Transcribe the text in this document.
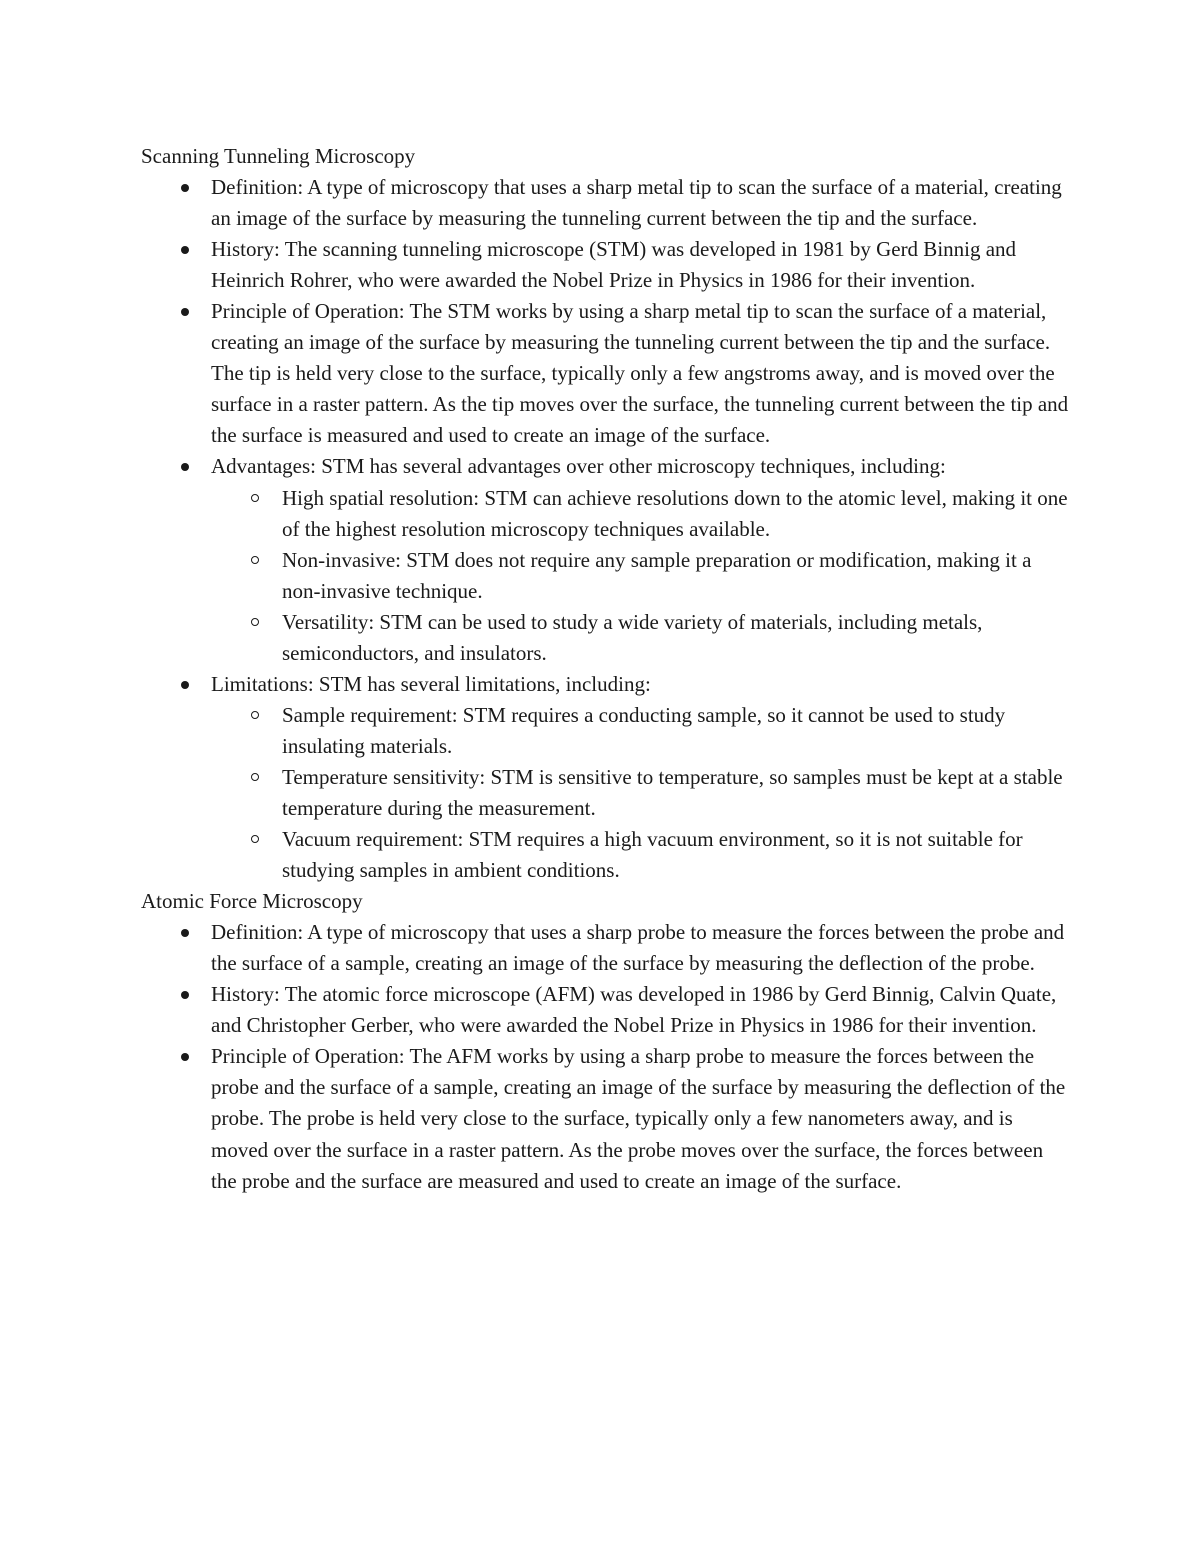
Scanning Tunneling Microscopy
Definition: A type of microscopy that uses a sharp metal tip to scan the surface of a material, creating an image of the surface by measuring the tunneling current between the tip and the surface.
History: The scanning tunneling microscope (STM) was developed in 1981 by Gerd Binnig and Heinrich Rohrer, who were awarded the Nobel Prize in Physics in 1986 for their invention.
Principle of Operation: The STM works by using a sharp metal tip to scan the surface of a material, creating an image of the surface by measuring the tunneling current between the tip and the surface. The tip is held very close to the surface, typically only a few angstroms away, and is moved over the surface in a raster pattern. As the tip moves over the surface, the tunneling current between the tip and the surface is measured and used to create an image of the surface.
Advantages: STM has several advantages over other microscopy techniques, including:
High spatial resolution: STM can achieve resolutions down to the atomic level, making it one of the highest resolution microscopy techniques available.
Non-invasive: STM does not require any sample preparation or modification, making it a non-invasive technique.
Versatility: STM can be used to study a wide variety of materials, including metals, semiconductors, and insulators.
Limitations: STM has several limitations, including:
Sample requirement: STM requires a conducting sample, so it cannot be used to study insulating materials.
Temperature sensitivity: STM is sensitive to temperature, so samples must be kept at a stable temperature during the measurement.
Vacuum requirement: STM requires a high vacuum environment, so it is not suitable for studying samples in ambient conditions.
Atomic Force Microscopy
Definition: A type of microscopy that uses a sharp probe to measure the forces between the probe and the surface of a sample, creating an image of the surface by measuring the deflection of the probe.
History: The atomic force microscope (AFM) was developed in 1986 by Gerd Binnig, Calvin Quate, and Christopher Gerber, who were awarded the Nobel Prize in Physics in 1986 for their invention.
Principle of Operation: The AFM works by using a sharp probe to measure the forces between the probe and the surface of a sample, creating an image of the surface by measuring the deflection of the probe. The probe is held very close to the surface, typically only a few nanometers away, and is moved over the surface in a raster pattern. As the probe moves over the surface, the forces between the probe and the surface are measured and used to create an image of the surface.
